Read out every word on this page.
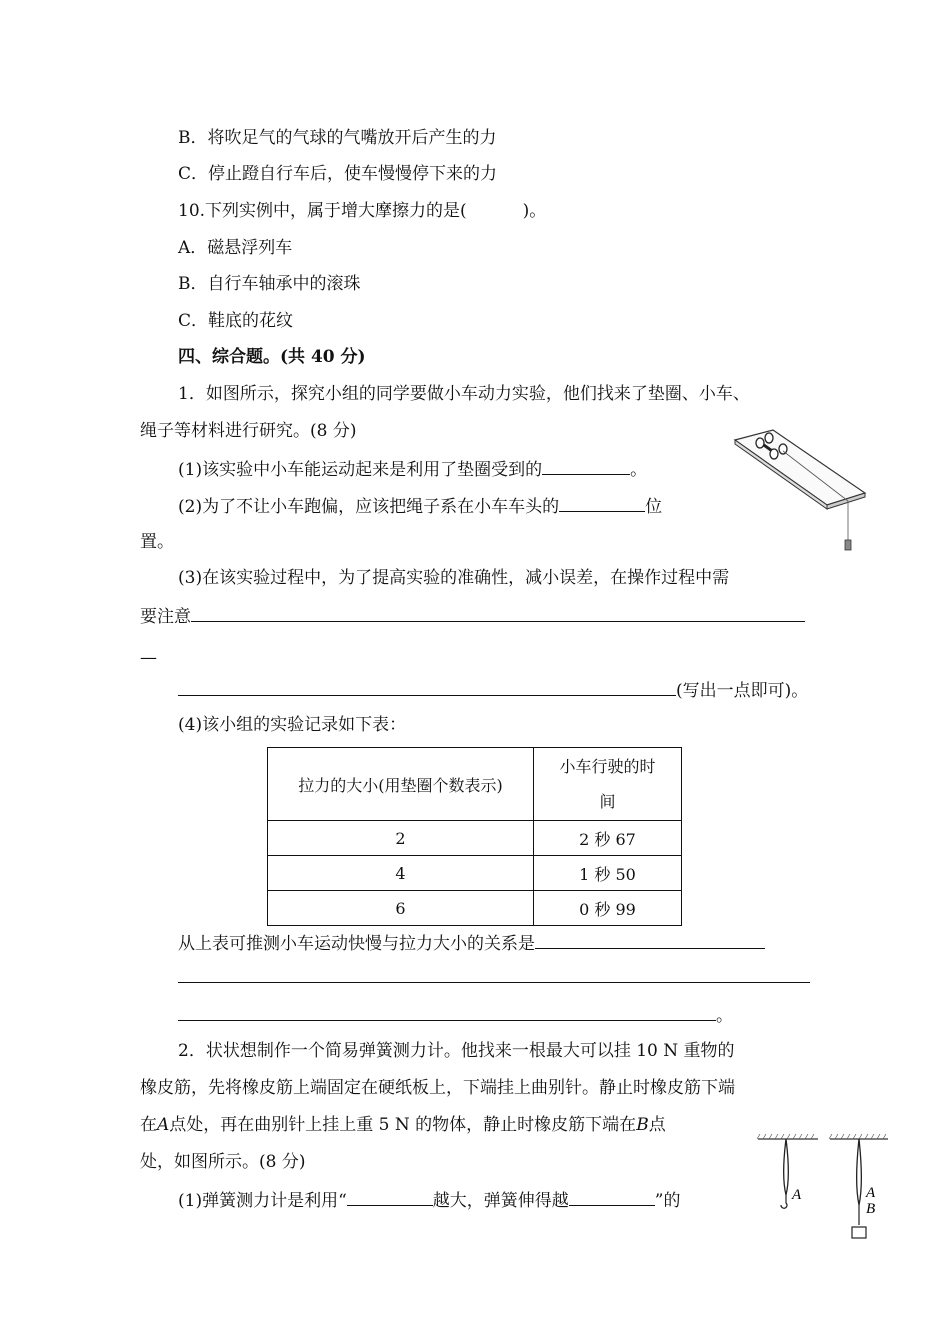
B．将吹足气的气球的气嘴放开后产生的力
C．停止蹬自行车后，使车慢慢停下来的力
10.下列实例中，属于增大摩擦力的是(	)。
A．磁悬浮列车
B．自行车轴承中的滚珠
C．鞋底的花纹
四、综合题。(共 40 分)
1．如图所示，探究小组的同学要做小车动力实验，他们找来了垫圈、小车、
绳子等材料进行研究。(8 分)
(1)该实验中小车能运动起来是利用了垫圈受到的	。
(2)为了不让小车跑偏，应该把绳子系在小车车头的	位
置。
(3)在该实验过程中，为了提高实验的准确性，减小误差，在操作过程中需
要注意
—
(写出一点即可)。
(4)该小组的实验记录如下表：
拉力的大小(用垫圈个数表示)	小车行驶的时
间

2	2 秒 67
4	1 秒 50
6	0 秒 99
从上表可推测小车运动快慢与拉力大小的关系是
。
2．状状想制作一个简易弹簧测力计。他找来一根最大可以挂 10 N 重物的
橡皮筋，先将橡皮筋上端固定在硬纸板上，下端挂上曲别针。静止时橡皮筋下端
在A点处，再在曲别针上挂上重 5 N 的物体，静止时橡皮筋下端在B点
处，如图所示。(8 分)
(1)弹簧测力计是利用“	越大，弹簧伸得越	”的	A	A
B
